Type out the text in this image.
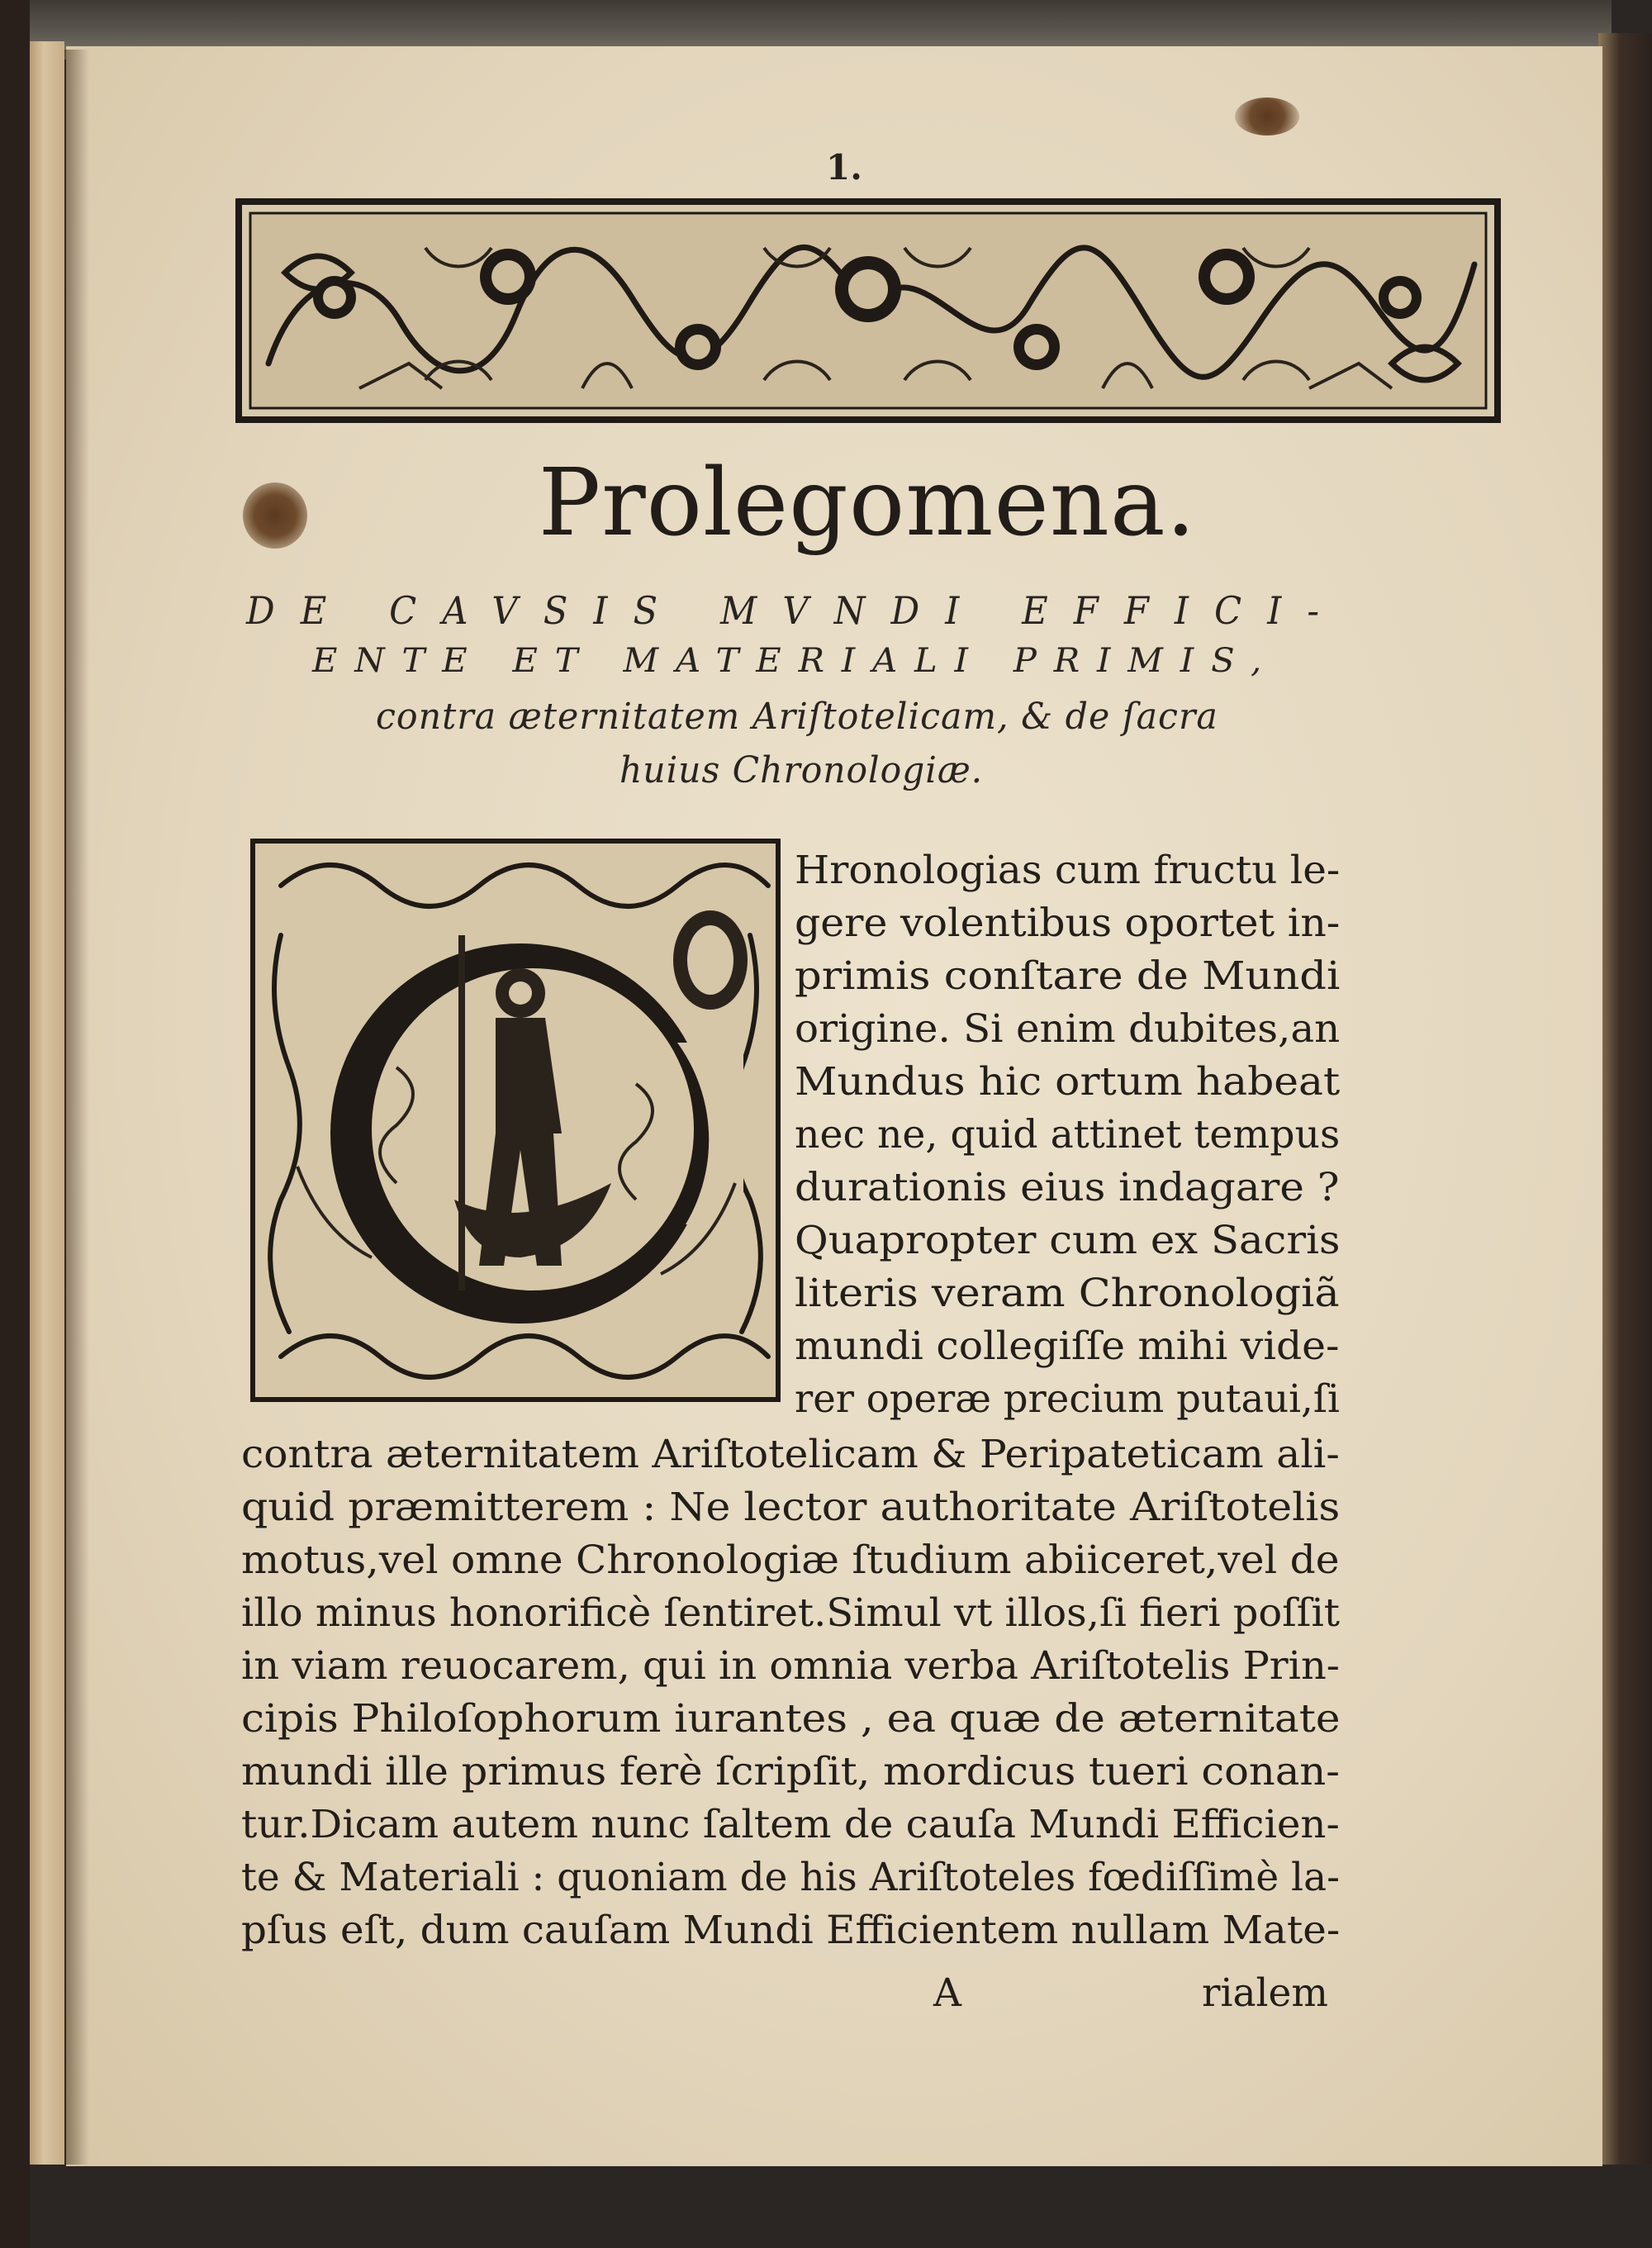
1.
Prolegomena.
DE CAVSIS MVNDI EFFICI-
ENTE ET MATERIALI PRIMIS,
contra æternitatem Ariſtotelicam, & de ſacra
huius Chronologiæ.
Hronologias cum fructu le-
gere volentibus oportet in-
primis conſtare de Mundi
origine. Si enim dubites,an
Mundus hic ortum habeat
nec ne, quid attinet tempus
durationis eius indagare ?
Quapropter cum ex Sacris
literis veram Chronologiã
mundi collegiſſe mihi vide-
rer operæ precium putaui,ſi
contra æternitatem Ariſtotelicam & Peripateticam ali-
quid præmitterem : Ne lector authoritate Ariſtotelis
motus,vel omne Chronologiæ ſtudium abiiceret,vel de
illo minus honorificè ſentiret.Simul vt illos,ſi fieri poſſit
in viam reuocarem, qui in omnia verba Ariſtotelis Prin-
cipis Philoſophorum iurantes , ea quæ de æternitate
mundi ille primus ferè ſcripſit, mordicus tueri conan-
tur.Dicam autem nunc ſaltem de cauſa Mundi Efficien-
te & Materiali : quoniam de his Ariſtoteles fœdiſſimè la-
pſus eſt, dum cauſam Mundi Efficientem nullam Mate-
A	rialem
